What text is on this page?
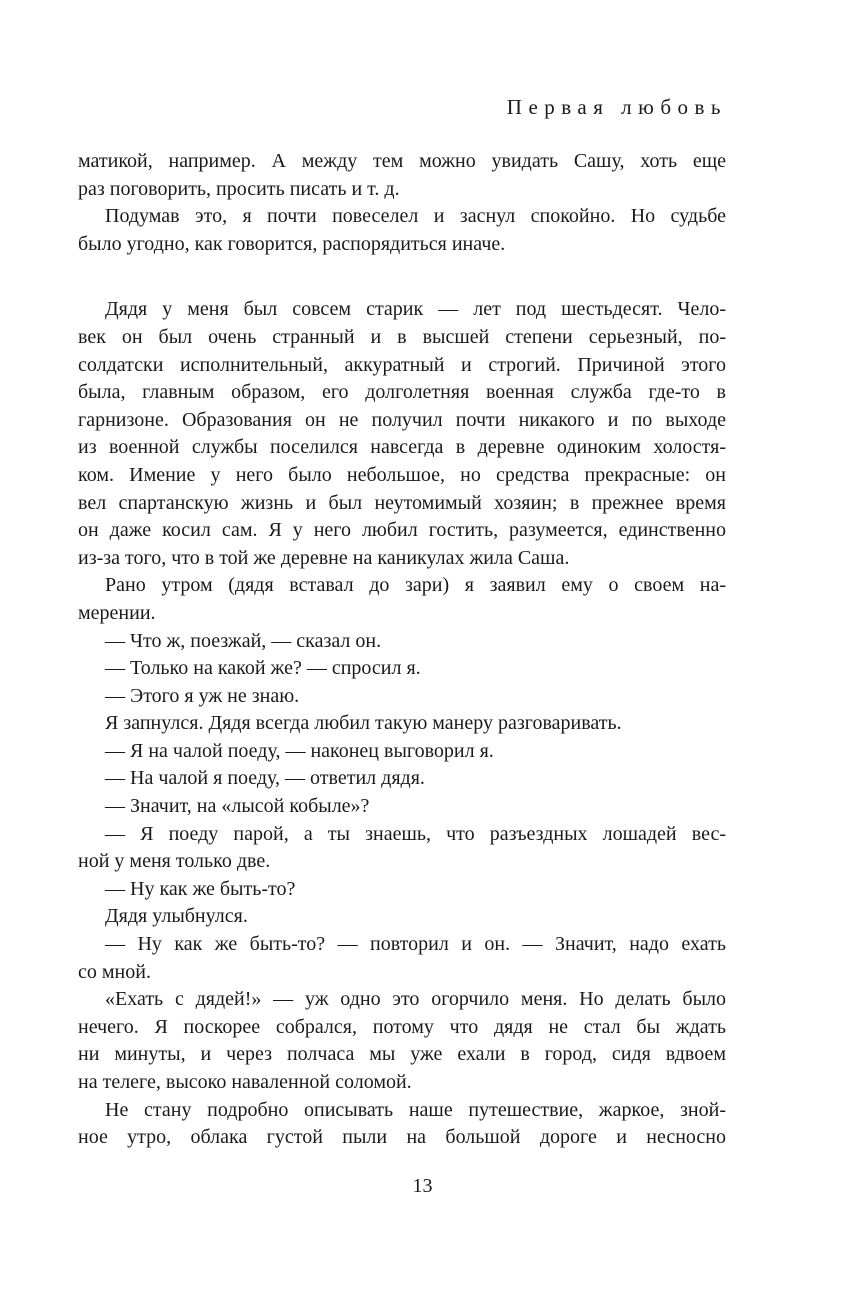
Первая любовь
матикой, например. А между тем можно увидать Сашу, хоть еще
раз поговорить, просить писать и т. д.
Подумав это, я почти повеселел и заснул спокойно. Но судьбе
было угодно, как говорится, распорядиться иначе.
Дядя у меня был совсем старик — лет под шестьдесят. Чело-
век он был очень странный и в высшей степени серьезный, по-
солдатски исполнительный, аккуратный и строгий. Причиной этого
была, главным образом, его долголетняя военная служба где-то в
гарнизоне. Образования он не получил почти никакого и по выходе
из военной службы поселился навсегда в деревне одиноким холостя-
ком. Имение у него было небольшое, но средства прекрасные: он
вел спартанскую жизнь и был неутомимый хозяин; в прежнее время
он даже косил сам. Я у него любил гостить, разумеется, единственно
из-за того, что в той же деревне на каникулах жила Саша.
Рано утром (дядя вставал до зари) я заявил ему о своем на-
мерении.
— Что ж, поезжай, — сказал он.
— Только на какой же? — спросил я.
— Этого я уж не знаю.
Я запнулся. Дядя всегда любил такую манеру разговаривать.
— Я на чалой поеду, — наконец выговорил я.
— На чалой я поеду, — ответил дядя.
— Значит, на «лысой кобыле»?
— Я поеду парой, а ты знаешь, что разъездных лошадей вес-
ной у меня только две.
— Ну как же быть-то?
Дядя улыбнулся.
— Ну как же быть-то? — повторил и он. — Значит, надо ехать
со мной.
«Ехать с дядей!» — уж одно это огорчило меня. Но делать было
нечего. Я поскорее собрался, потому что дядя не стал бы ждать
ни минуты, и через полчаса мы уже ехали в город, сидя вдвоем
на телеге, высоко наваленной соломой.
Не стану подробно описывать наше путешествие, жаркое, зной-
ное утро, облака густой пыли на большой дороге и несносно
13
